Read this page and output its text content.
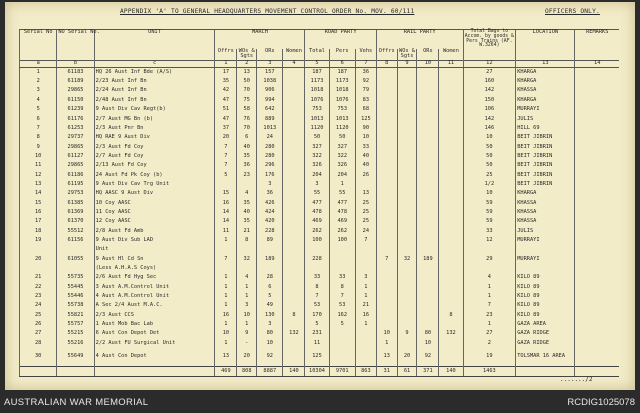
APPENDIX 'A' TO GENERAL HEADQUARTERS MOVEMENT CONTROL ORDER No. MOV. 60/111	OFFICERS ONLY.
Serial No	NO Serial No.	UNIT	MARCH				ROAD PARTY			RAIL PARTY				Total Bags to Accom. by goods & Pers Trains (AF. W.3264)	LOCATION	REMARKS
			Offrs	WOs & Sgts	ORs	Women	Total	Pers	Vehs	Offrs	WOs & Sgts	ORs	Women			
a	b	c	1	2	3	4	5	6	7	8	9	10	11	12	13	14
1	61183	HQ 26 Aust Inf Bde (A/S)	17	13	157		187	187	36					27	KHARGA	
2	61189	2/23 Aust Inf Bn	35	50	1038		1173	1173	92					160	KHARGA	
3	29865	2/24 Aust Inf Bn	42	70	906		1018	1018	79					142	KHASSA	
4	61150	2/48 Aust Inf Bn	47	75	994		1076	1076	83					150	KHARGA	
5	61239	9 Aust Div Cav Regt(b)	51	58	642		753	753	68					106	MURRAYI	
6	61176	2/7 Aust MG Bn (b)	47	76	889		1013	1013	125					142	JULIS	
7	61253	2/3 Aust Pnr Bn	37	70	1013		1120	1120	90					146	HILL 69	
8	29737	HQ RAE 9 Aust Div	20	6	24		50	50	10					10	BEIT JIBRIN	
9	29865	2/3 Aust Fd Coy	7	40	280		327	327	33					50	BEIT JIBRIN	
10	61127	2/7 Aust Fd Coy	7	35	280		322	322	40					50	BEIT JIBRIN	
11	29865	2/13 Aust Fd Coy	7	36	296		326	326	40					50	BEIT JIBRIN	
12	61186	24 Aust Fd Pk Coy (b)	5	23	176		204	204	26					25	BEIT JIBRIN	
13	61195	9 Aust Div Cav Trg Unit			3		3	1						1/2	BEIT JIBRIN	
14	29753	HQ AASC 9 Aust Div	15	4	36		55	55	13					10	KHARGA	
15	61385	10 Coy AASC	16	35	426		477	477	25					59	KHASSA	
16	61369	11 Coy AASC	14	40	424		478	478	25					59	KHASSA	
17	61370	12 Coy AASC	14	35	420		469	469	25					59	KHASSA	
18	55512	2/8 Aust Fd Amb	11	21	228		262	262	24					33	JULIS	
19	61156	9 Aust Div Sub LAD	1	8	89		100	100	7					12	MURRAYI	
		Unit														
20	61055	9 Aust Hl Cd Sn	7	32	189		228			7	32	189		29	MURRAYI	
		(Less A.H.A.S Coys)														
21	55735	2/6 Aust Fd Hyg Sec	1	4	28		33	33	3					4	KILO 89	
22	55445	3 Aust A.M.Control Unit	1	1	6		8	8	1					1	KILO 89	
23	55446	4 Aust A.M.Control Unit	1	1	5		7	7	1					1	KILO 89	
24	55738	A Sec 2/4 Aust M.A.C.	1	3	49		53	53	21					7	KILO 89	
25	55821	2/3 Aust CCS	16	10	130	8	170	162	16				8	23	KILO 89	
26	55757	1 Aust Mob Bac Lab	1	1	3		5	5	1					1	GAZA AREA	
27	55215	6 Aust Con Depot Det	10	9	80	132	231			10	9	80	132	27	GAZA RIDGE	
28	55216	2/2 Aust FU Surgical Unit	1	-	10		11			1		10		2	GAZA RIDGE	
30	55649	4 Aust Con Depot	13	20	92		125			13	20	92		19	TOLSMAR 16 AREA	
			469	808	8887	140	10304	9701	863	31	61	371	140	1463		
......./2
AUSTRALIAN WAR MEMORIAL	RCDIG1025078
